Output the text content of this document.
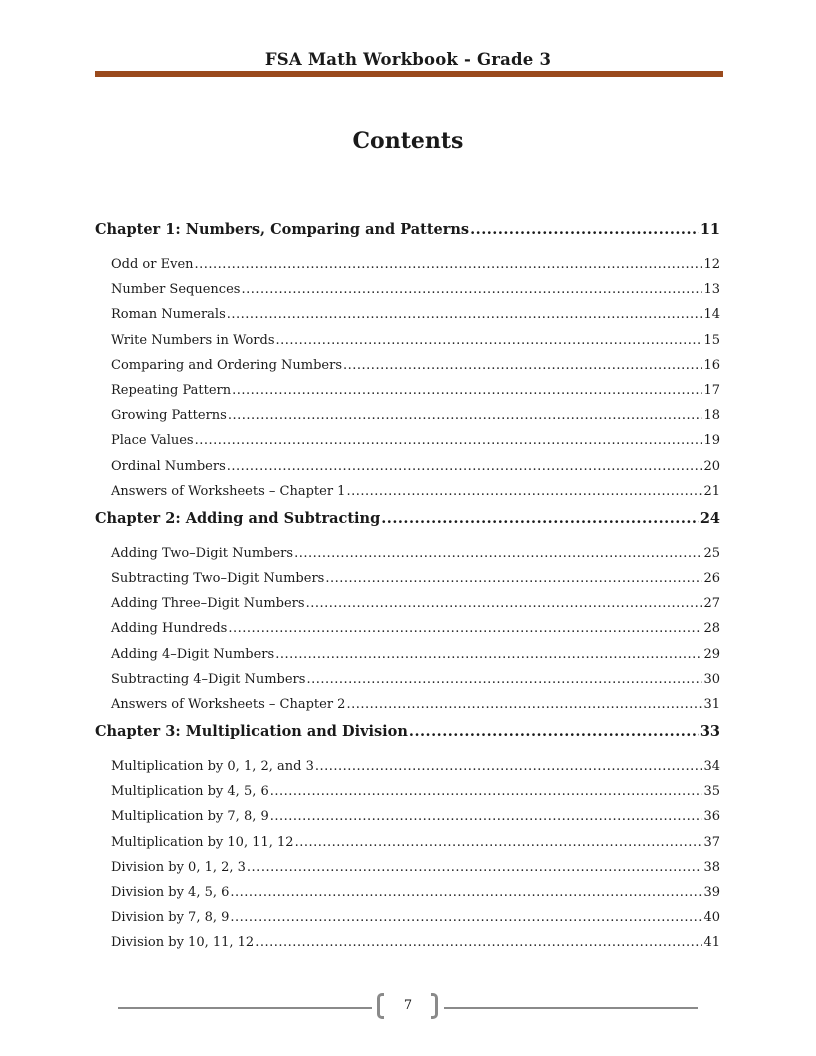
FSA Math Workbook - Grade 3
Contents
Chapter 1: Numbers, Comparing and Patterns .....	11
Odd or Even .....	12
Number Sequences .....	13
Roman Numerals .....	14
Write Numbers in Words .....	15
Comparing and Ordering Numbers .....	16
Repeating Pattern .....	17
Growing Patterns .....	18
Place Values .....	19
Ordinal Numbers .....	20
Answers of Worksheets – Chapter 1 .....	21
Chapter 2: Adding and Subtracting .....	24
Adding Two–Digit Numbers .....	25
Subtracting Two–Digit Numbers .....	26
Adding Three–Digit Numbers .....	27
Adding Hundreds .....	28
Adding 4–Digit Numbers .....	29
Subtracting 4–Digit Numbers .....	30
Answers of Worksheets – Chapter 2 .....	31
Chapter 3: Multiplication and Division .....	33
Multiplication by 0, 1, 2, and 3 .....	34
Multiplication by 4, 5, 6 .....	35
Multiplication by 7, 8, 9 .....	36
Multiplication by 10, 11, 12 .....	37
Division by 0, 1, 2, 3 .....	38
Division by 4, 5, 6 .....	39
Division by 7, 8, 9 .....	40
Division by 10, 11, 12 .....	41
7
